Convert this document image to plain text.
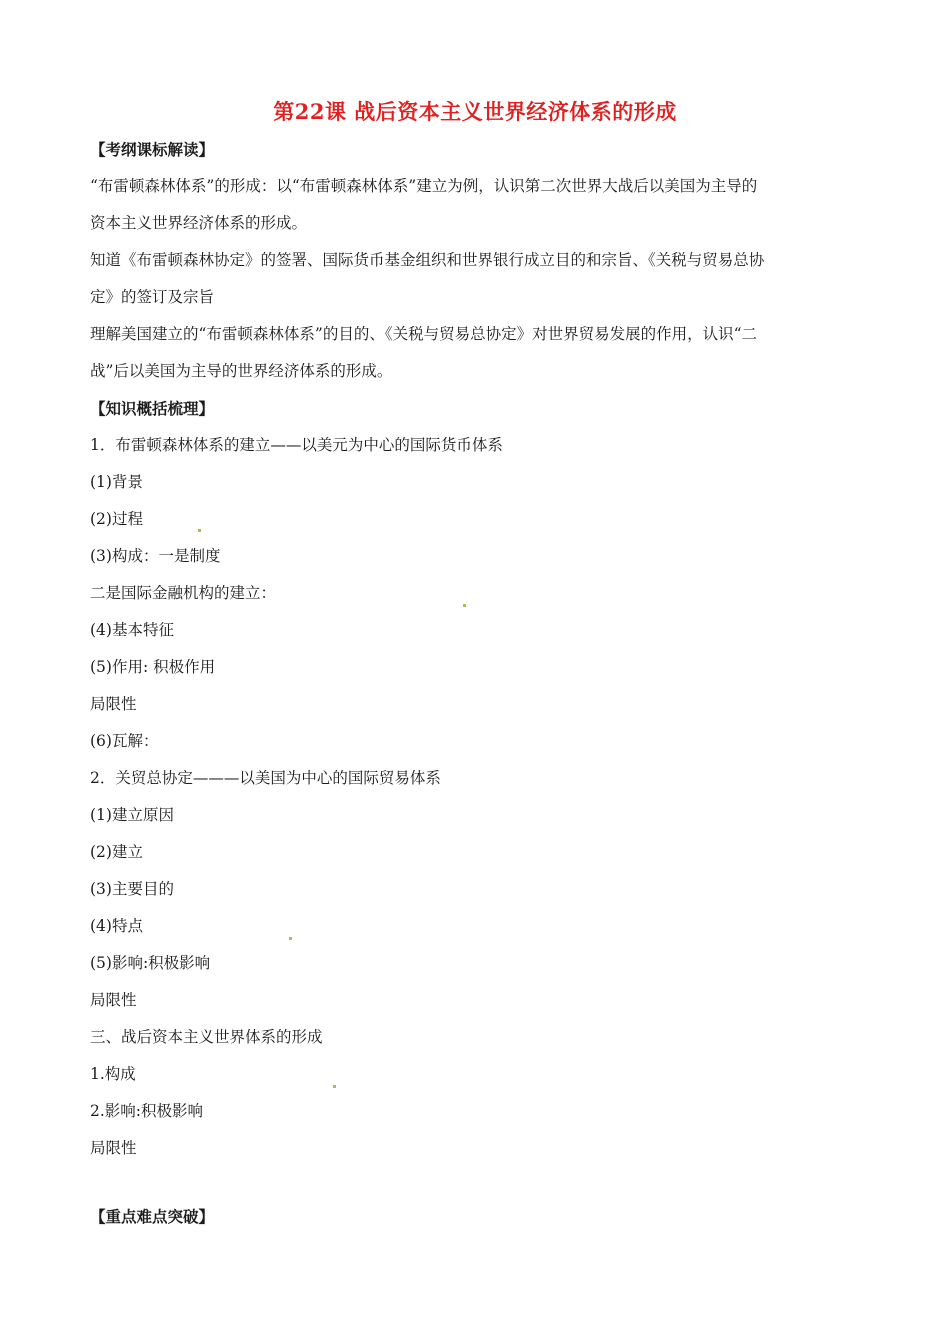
第22课 战后资本主义世界经济体系的形成

【考纲课标解读】

“布雷顿森林体系”的形成：以“布雷顿森林体系”建立为例，认识第二次世界大战后以美国为主导的

资本主义世界经济体系的形成。

知道《布雷顿森林协定》的签署、国际货币基金组织和世界银行成立目的和宗旨、《关税与贸易总协

定》的签订及宗旨

理解美国建立的“布雷顿森林体系”的目的、《关税与贸易总协定》对世界贸易发展的作用，认识“二

战”后以美国为主导的世界经济体系的形成。

【知识概括梳理】

1．布雷顿森林体系的建立——以美元为中心的国际货币体系

(1)背景

(2)过程

(3)构成：一是制度

二是国际金融机构的建立：

(4)基本特征

(5)作用: 积极作用

局限性

(6)瓦解：

2．关贸总协定———以美国为中心的国际贸易体系

(1)建立原因

(2)建立

(3)主要目的

(4)特点

(5)影响:积极影响

局限性

三、战后资本主义世界体系的形成

1.构成

2.影响:积极影响

局限性

【重点难点突破】
